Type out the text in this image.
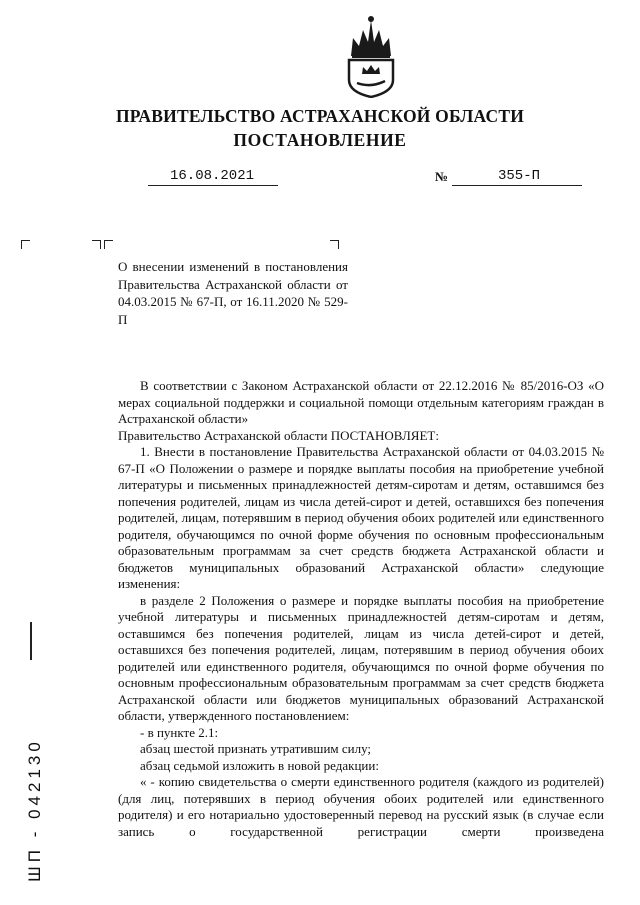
ПРАВИТЕЛЬСТВО АСТРАХАНСКОЙ ОБЛАСТИ
ПОСТАНОВЛЕНИЕ
16.08.2021	№	355-П
О внесении изменений в постановления Правительства Астраханской области от 04.03.2015 № 67-П, от 16.11.2020 № 529-П

В соответствии с Законом Астраханской области от 22.12.2016 № 85/2016-ОЗ «О мерах социальной поддержки и социальной помощи отдельным категориям граждан в Астраханской области»

Правительство Астраханской области ПОСТАНОВЛЯЕТ:

1. Внести в постановление Правительства Астраханской области от 04.03.2015 № 67-П «О Положении о размере и порядке выплаты пособия на приобретение учебной литературы и письменных принадлежностей детям-сиротам и детям, оставшимся без попечения родителей, лицам из числа детей-сирот и детей, оставшихся без попечения родителей, лицам, потерявшим в период обучения обоих родителей или единственного родителя, обучающимся по очной форме обучения по основным профессиональным образовательным программам за счет средств бюджета Астраханской области и бюджетов муниципальных образований Астраханской области» следующие изменения:

в разделе 2 Положения о размере и порядке выплаты пособия на приобретение учебной литературы и письменных принадлежностей детям-сиротам и детям, оставшимся без попечения родителей, лицам из числа детей-сирот и детей, оставшихся без попечения родителей, лицам, потерявшим в период обучения обоих родителей или единственного родителя, обучающимся по очной форме обучения по основным профессиональным образовательным программам за счет средств бюджета Астраханской области или бюджетов муниципальных образований Астраханской области, утвержденного постановлением:

- в пункте 2.1:

абзац шестой признать утратившим силу;

абзац седьмой изложить в новой редакции:

« - копию свидетельства о смерти единственного родителя (каждого из родителей) (для лиц, потерявших в период обучения обоих родителей или единственного родителя) и его нотариально удостоверенный перевод на русский язык (в случае если запись о государственной регистрации смерти произведена

ШП - 042130
